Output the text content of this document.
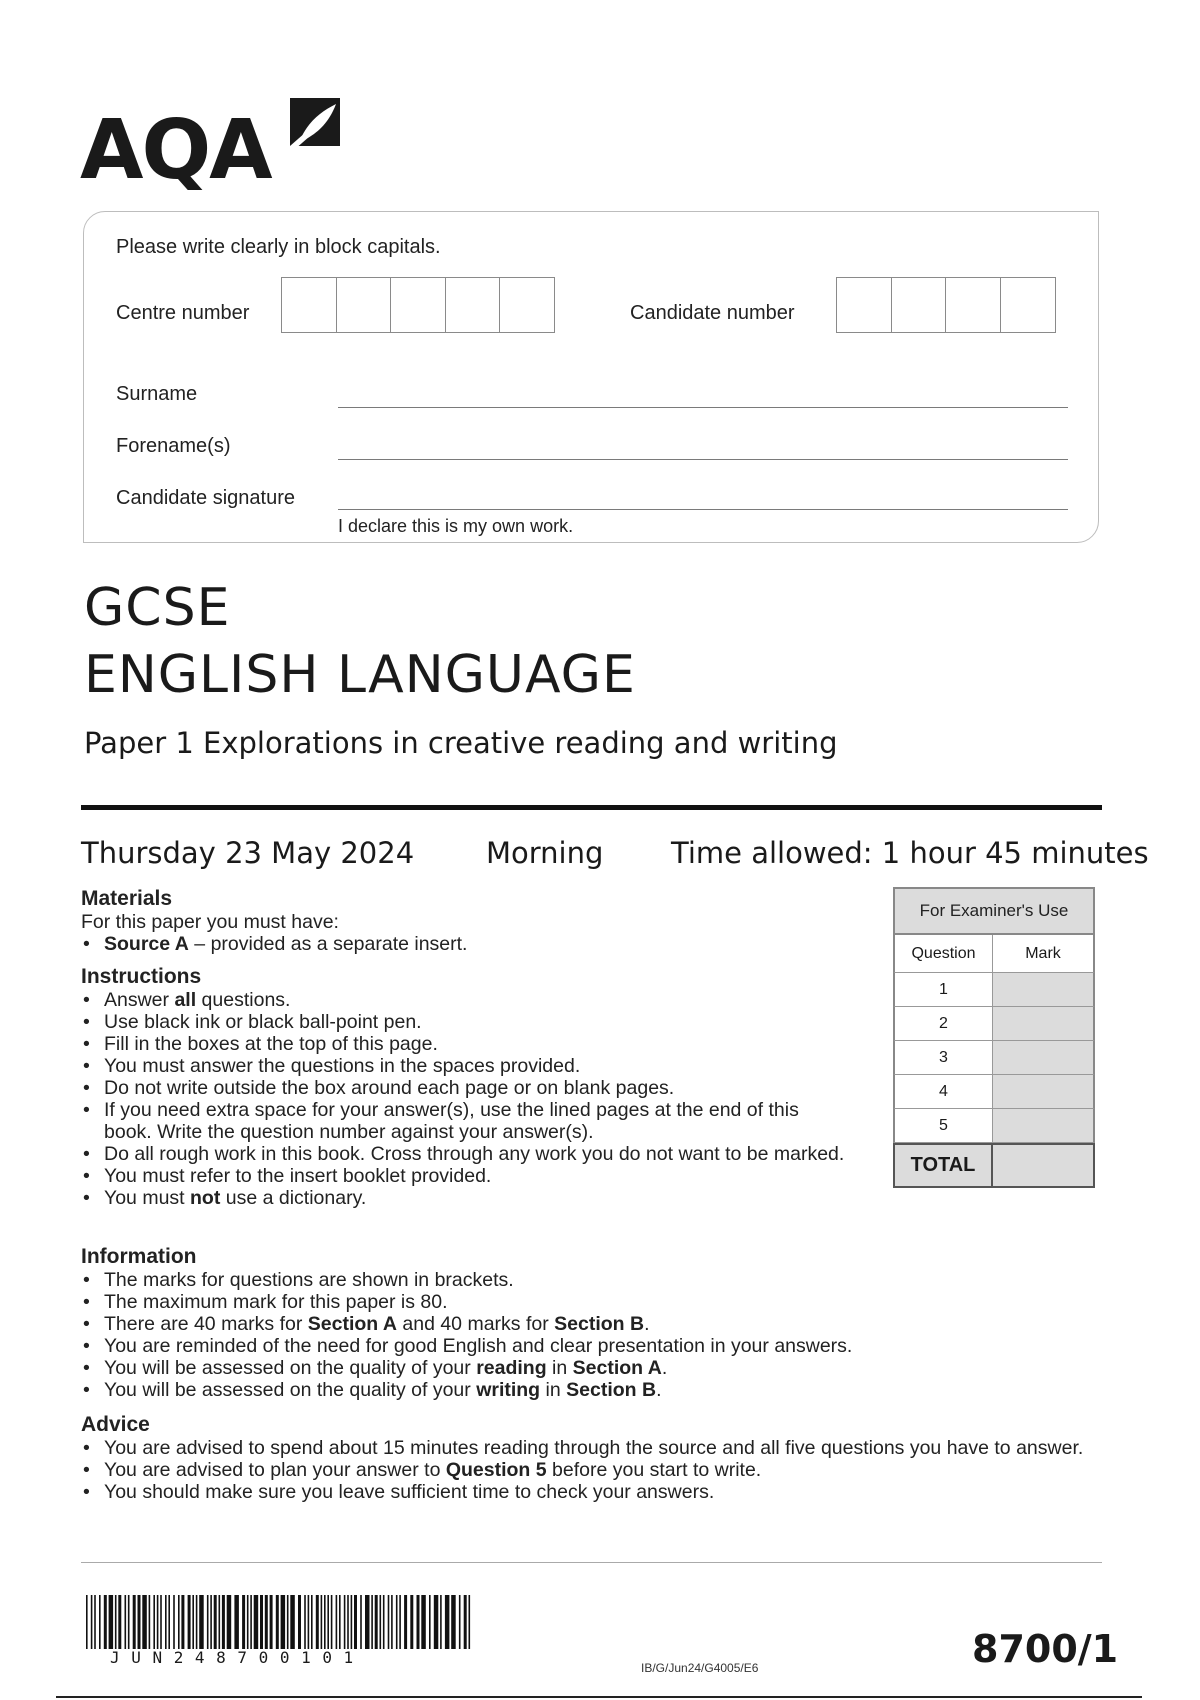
AQA
Please write clearly in block capitals.
Centre number	Candidate number
Surname
Forename(s)
Candidate signature
I declare this is my own work.
GCSE
ENGLISH LANGUAGE
Paper 1 Explorations in creative reading and writing
Thursday 23 May 2024 Morning Time allowed: 1 hour 45 minutes
Materials
For this paper you must have:
• Source A – provided as a separate insert.
Instructions
• Answer all questions.
• Use black ink or black ball-point pen.
• Fill in the boxes at the top of this page.
• You must answer the questions in the spaces provided.
• Do not write outside the box around each page or on blank pages.
• If you need extra space for your answer(s), use the lined pages at the end of this book. Write the question number against your answer(s).
• Do all rough work in this book. Cross through any work you do not want to be marked.
• You must refer to the insert booklet provided.
• You must not use a dictionary.
Information
• The marks for questions are shown in brackets.
• The maximum mark for this paper is 80.
• There are 40 marks for Section A and 40 marks for Section B.
• You are reminded of the need for good English and clear presentation in your answers.
• You will be assessed on the quality of your reading in Section A.
• You will be assessed on the quality of your writing in Section B.
Advice
• You are advised to spend about 15 minutes reading through the source and all five questions you have to answer.
• You are advised to plan your answer to Question 5 before you start to write.
• You should make sure you leave sufficient time to check your answers.
For Examiner's Use
Question	Mark
1
2
3
4
5
TOTAL
JUN248700101
IB/G/Jun24/G4005/E6	8700/1
